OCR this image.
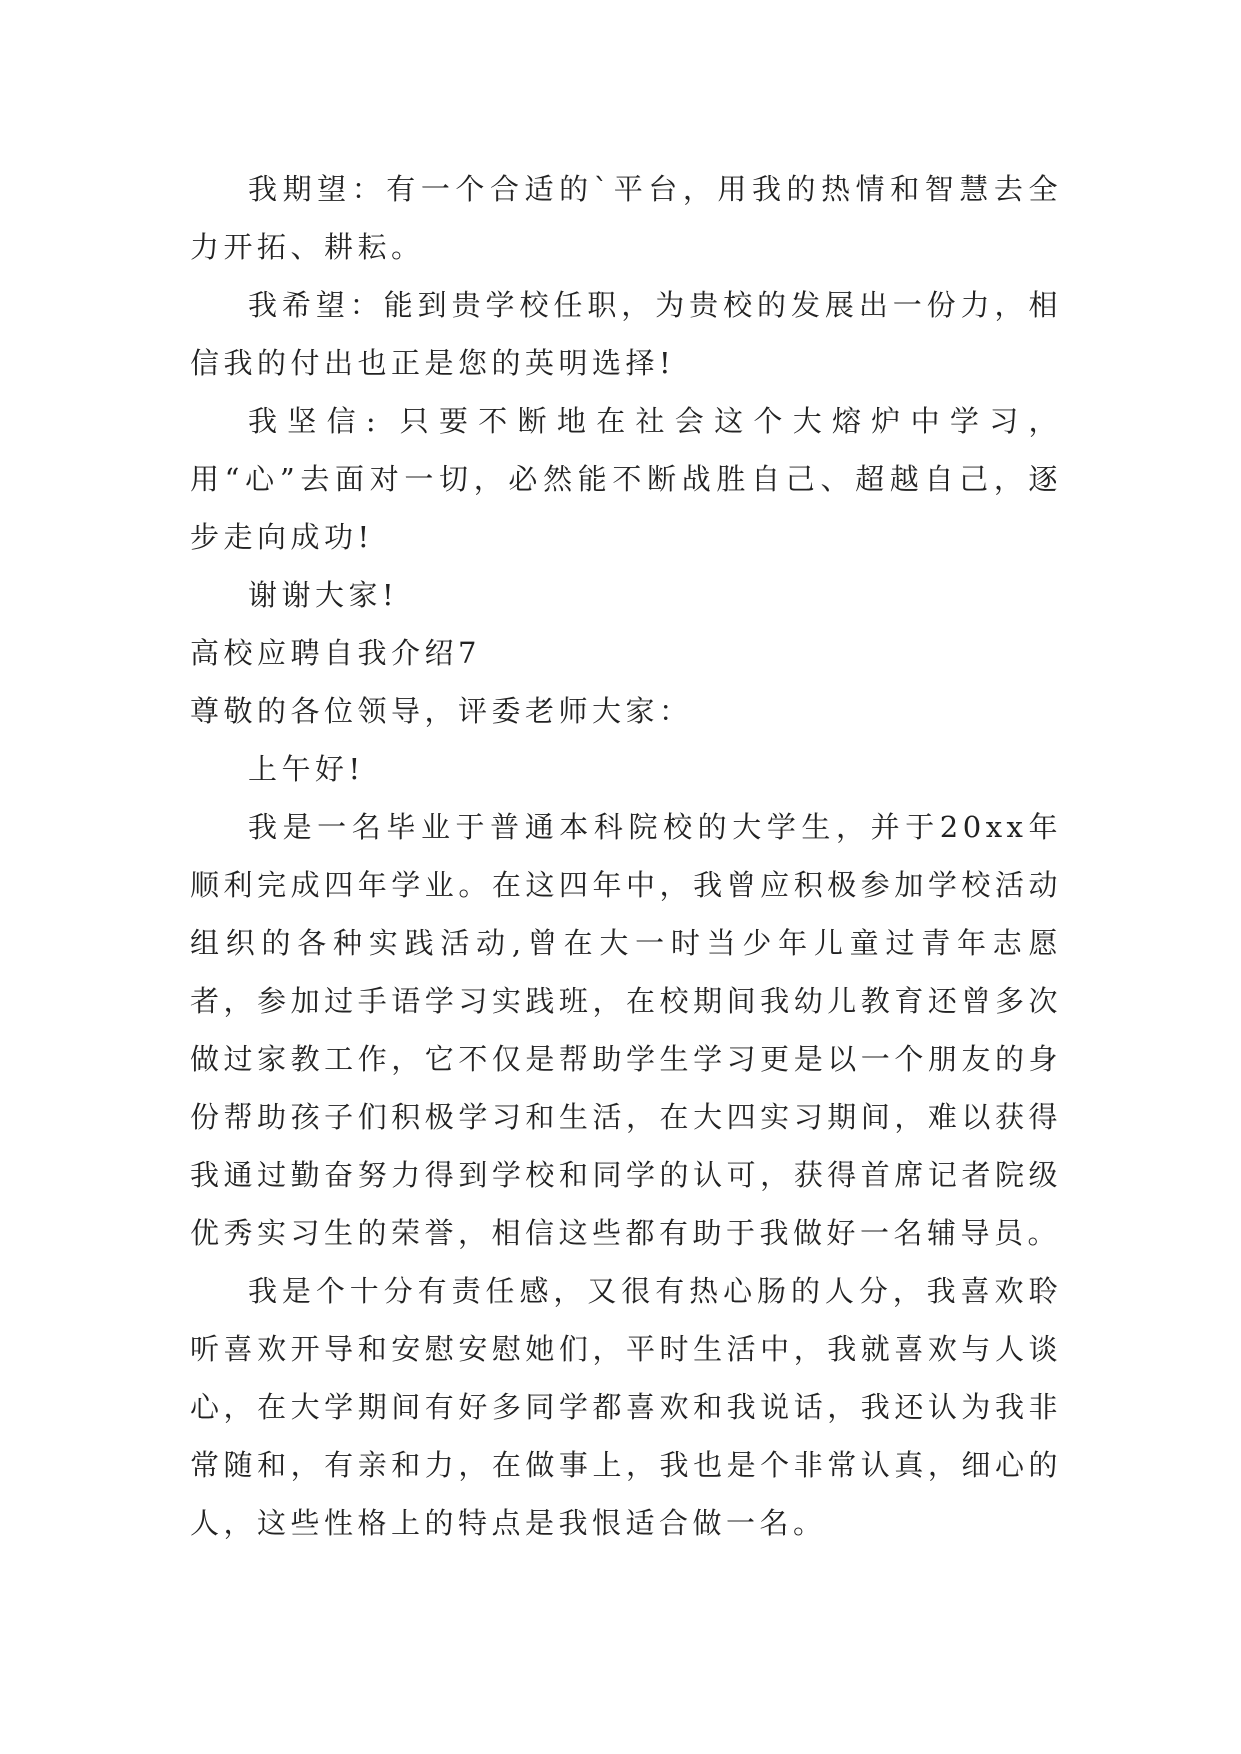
我期望：有一个合适的`平台，用我的热情和智慧去全力开拓、耕耘。

我希望：能到贵学校任职，为贵校的发展出一份力，相信我的付出也正是您的英明选择!

我坚信: 只要不断地在社会这个大熔炉中学习，用“心”去面对一切，必然能不断战胜自己、超越自己，逐步走向成功!

谢谢大家!

高校应聘自我介绍7

尊敬的各位领导，评委老师大家：

上午好!

我是一名毕业于普通本科院校的大学生，并于20xx年顺利完成四年学业。在这四年中，我曾应积极参加学校活动组织的各种实践活动,曾在大一时当少年儿童过青年志愿者，参加过手语学习实践班，在校期间我幼儿教育还曾多次做过家教工作，它不仅是帮助学生学习更是以一个朋友的身份帮助孩子们积极学习和生活，在大四实习期间，难以获得我通过勤奋努力得到学校和同学的认可，获得首席记者院级优秀实习生的荣誉，相信这些都有助于我做好一名辅导员。

我是个十分有责任感，又很有热心肠的人分，我喜欢聆听喜欢开导和安慰安慰她们，平时生活中，我就喜欢与人谈心，在大学期间有好多同学都喜欢和我说话，我还认为我非常随和，有亲和力，在做事上，我也是个非常认真，细心的人，这些性格上的特点是我恨适合做一名。
